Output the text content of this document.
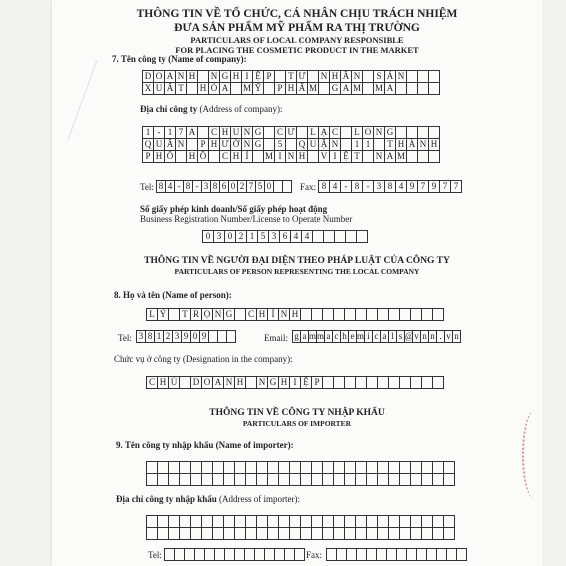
THÔNG TIN VỀ TỔ CHỨC, CÁ NHÂN CHỊU TRÁCH NHIỆM
ĐƯA SẢN PHẨM MỸ PHẨM RA THỊ TRƯỜNG
PARTICULARS OF LOCAL COMPANY RESPONSIBLE
FOR PLACING THE COSMETIC PRODUCT IN THE MARKET
7. Tên công ty (Name of company):
D O A N H	N G H I Ệ P	T Ư	N H Â N	S Ả N
X U Ấ T	H Ó A M Ỹ	P H Ẩ M	G A M M A
Địa chỉ công ty (Address of company):
1 - 1 7 A	C H U N G	C Ư	L Ạ C	L O N G
Q U Â N	P H Ư Ờ N G	5	Q U Ậ N	1 1	T H À N H
P H Ố	H Ồ	C H Í	M I N H	V I Ệ T	N A M
Tel: 8 4 - 8 - 3 8 6 0 2 7 5 0	Fax: 8 4 - 8 - 3 8 4 9 7 9 7 7
Số giấy phép kinh doanh/Số giấy phép hoạt động
Business Registration Number/License to Operate Number
0 3 0 2 1 5 3 6 4 4
THÔNG TIN VỀ NGƯỜI ĐẠI DIỆN THEO PHÁP LUẬT CỦA CÔNG TY
PARTICULARS OF PERSON REPRESENTING THE LOCAL COMPANY
8. Họ và tên (Name of person):
L Ý	T R Ọ N G	C H Í N H
Tel: 3 8 1 2 3 9 0 9	Email: g a m m a c h e m i c a l s @ v n n . v n
Chức vụ ở công ty (Designation in the company):
C H Ủ	D O A N H	N G H I Ệ P
THÔNG TIN VỀ CÔNG TY NHẬP KHẨU
PARTICULARS OF IMPORTER
9. Tên công ty nhập khẩu (Name of importer):
Địa chỉ công ty nhập khẩu (Address of importer):
Tel:	Fax:
